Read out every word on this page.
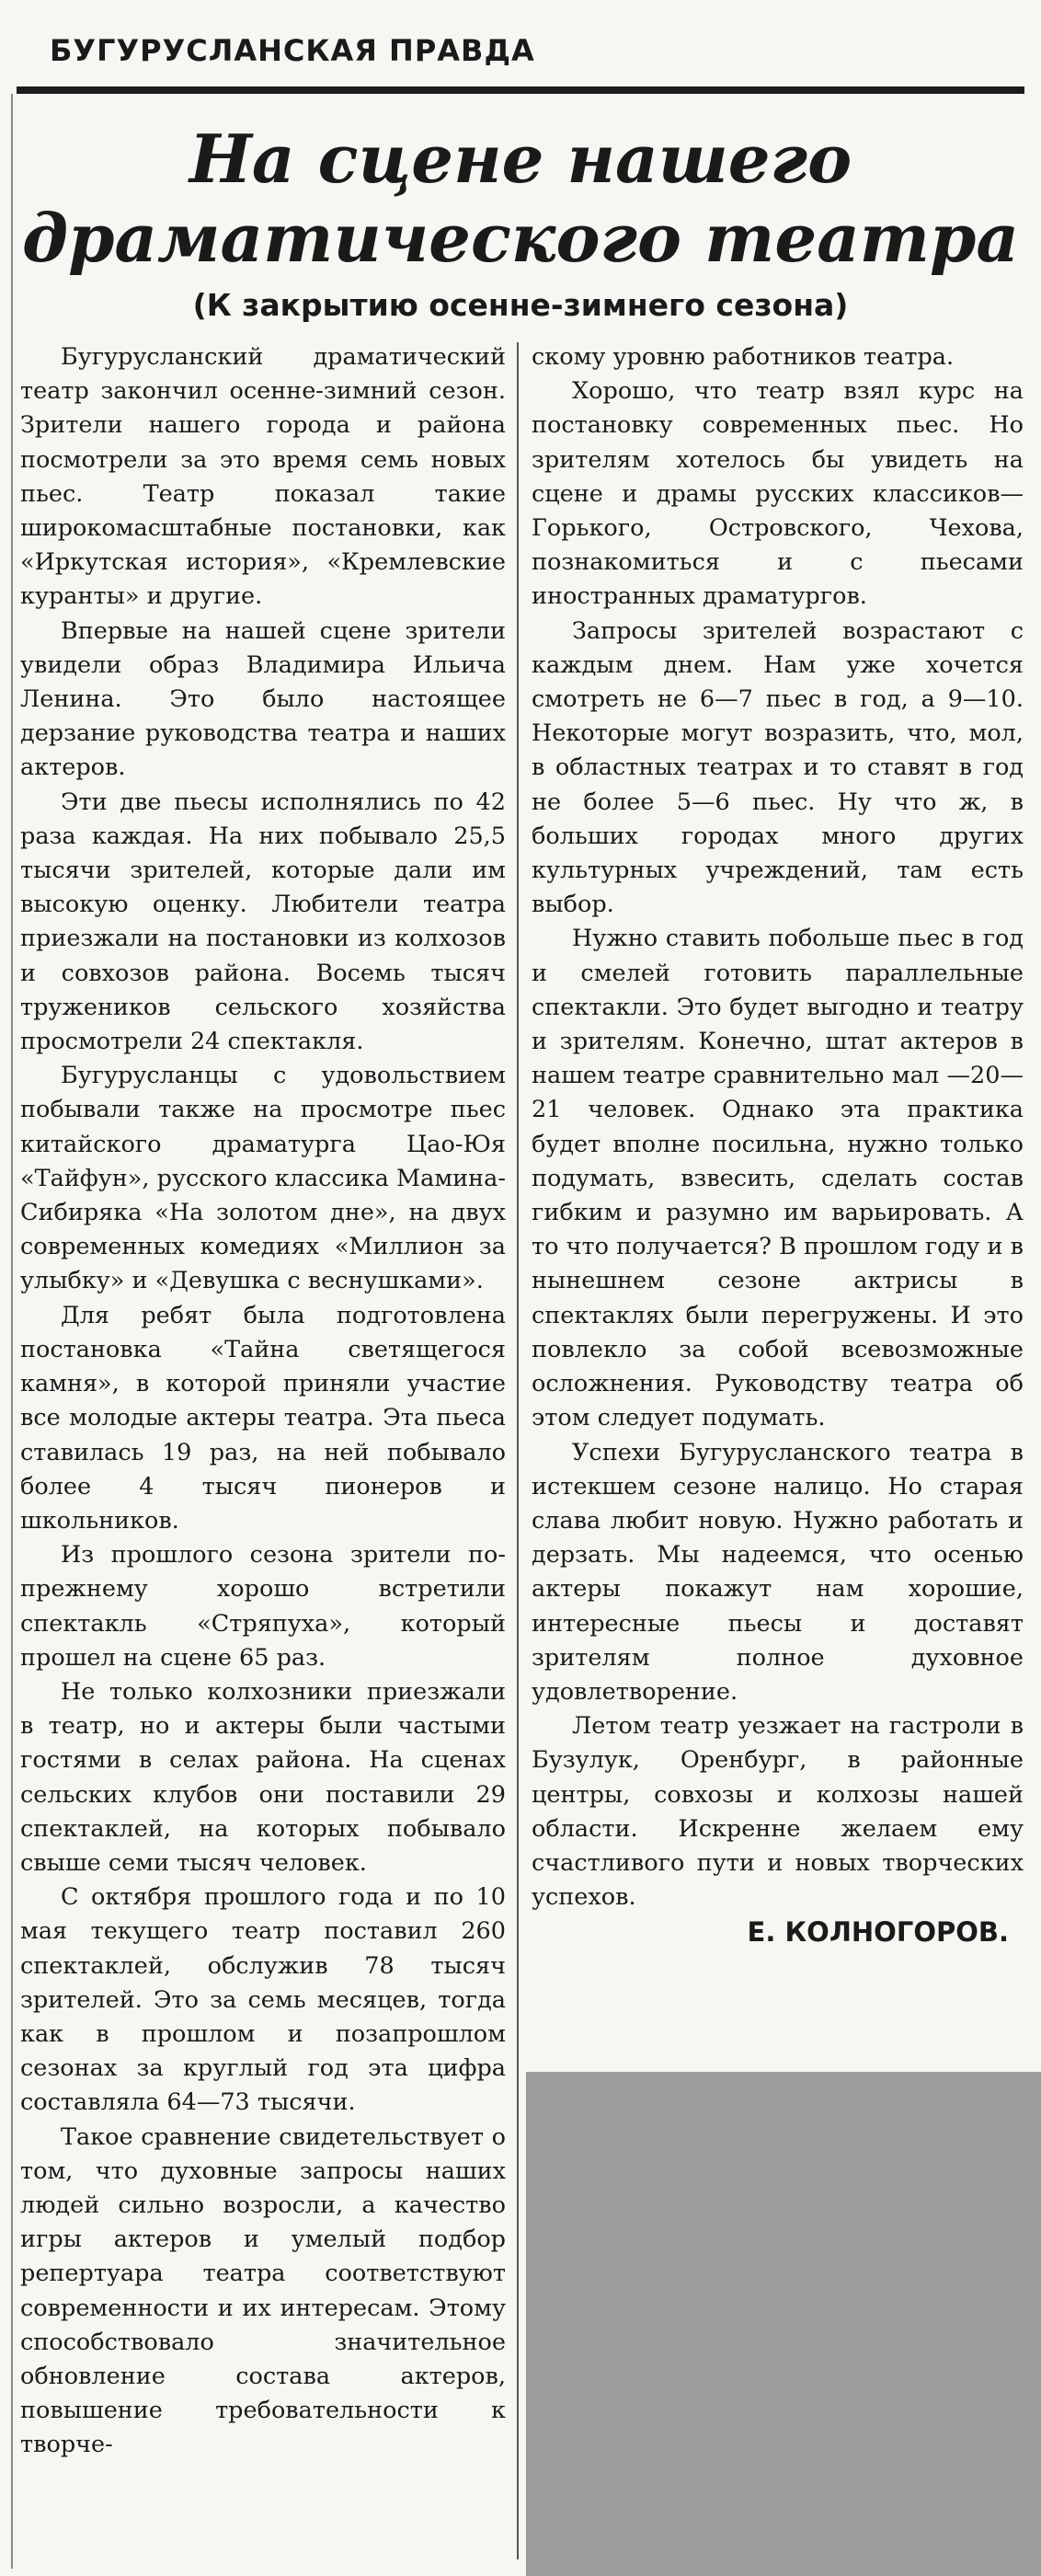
БУГУРУСЛАНСКАЯ ПРАВДА
На сцене нашего
драматического театра
(К закрытию осенне-зимнего сезона)

Бугурусланский драматический театр закончил осенне-зимний сезон. Зрители нашего города и района посмотрели за это время семь новых пьес. Театр показал такие широкомасштабные постановки, как «Иркутская история», «Кремлевские куранты» и другие.

Впервые на нашей сцене зрители увидели образ Владимира Ильича Ленина. Это было настоящее дерзание руководства театра и наших актеров.

Эти две пьесы исполнялись по 42 раза каждая. На них побывало 25,5 тысячи зрителей, которые дали им высокую оценку. Любители театра приезжали на постановки из колхозов и совхозов района. Восемь тысяч тружеников сельского хозяйства просмотрели 24 спектакля.

Бугурусланцы с удовольствием побывали также на просмотре пьес китайского драматурга Цао-Юя «Тайфун», русского классика Мамина-Сибиряка «На золотом дне», на двух современных комедиях «Миллион за улыбку» и «Девушка с веснушками».

Для ребят была подготовлена постановка «Тайна светящегося камня», в которой приняли участие все молодые актеры театра. Эта пьеса ставилась 19 раз, на ней побывало более 4 тысяч пионеров и школьников.

Из прошлого сезона зрители по-прежнему хорошо встретили спектакль «Стряпуха», который прошел на сцене 65 раз.

Не только колхозники приезжали в театр, но и актеры были частыми гостями в селах района. На сценах сельских клубов они поставили 29 спектаклей, на которых побывало свыше семи тысяч человек.

С октября прошлого года и по 10 мая текущего театр поставил 260 спектаклей, обслужив 78 тысяч зрителей. Это за семь месяцев, тогда как в прошлом и позапрошлом сезонах за круглый год эта цифра составляла 64—73 тысячи.

Такое сравнение свидетельствует о том, что духовные запросы наших людей сильно возросли, а качество игры актеров и умелый подбор репертуара театра соответствуют современности и их интересам. Этому способствовало значительное обновление состава актеров, повышение требовательности к творче-

скому уровню работников театра.

Хорошо, что театр взял курс на постановку современных пьес. Но зрителям хотелось бы увидеть на сцене и драмы русских классиков—Горького, Островского, Чехова, познакомиться и с пьесами иностранных драматургов.

Запросы зрителей возрастают с каждым днем. Нам уже хочется смотреть не 6—7 пьес в год, а 9—10. Некоторые могут возразить, что, мол, в областных театрах и то ставят в год не более 5—6 пьес. Ну что ж, в больших городах много других культурных учреждений, там есть выбор.

Нужно ставить побольше пьес в год и смелей готовить параллельные спектакли. Это будет выгодно и театру и зрителям. Конечно, штат актеров в нашем театре сравнительно мал —20—21 человек. Однако эта практика будет вполне посильна, нужно только подумать, взвесить, сделать состав гибким и разумно им варьировать. А то что получается? В прошлом году и в нынешнем сезоне актрисы в спектаклях были перегружены. И это повлекло за собой всевозможные осложнения. Руководству театра об этом следует подумать.

Успехи Бугурусланского театра в истекшем сезоне налицо. Но старая слава любит новую. Нужно работать и дерзать. Мы надеемся, что осенью актеры покажут нам хорошие, интересные пьесы и доставят зрителям полное духовное удовлетворение.

Летом театр уезжает на гастроли в Бузулук, Оренбург, в районные центры, совхозы и колхозы нашей области. Искренне желаем ему счастливого пути и новых творческих успехов.

Е. КОЛНОГОРОВ.
